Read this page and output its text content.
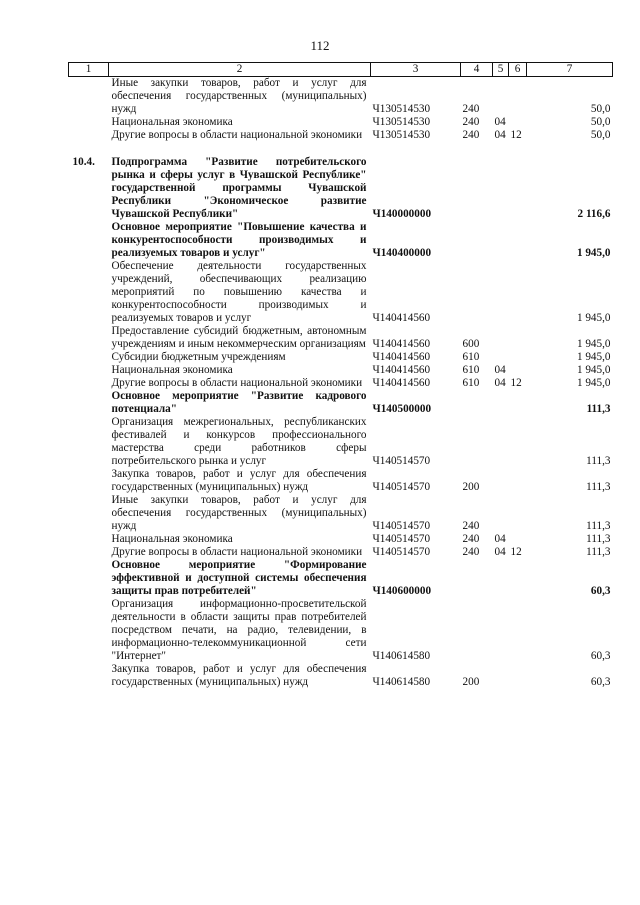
112
1	2	3	4	5	6	7
	Иные закупки товаров, работ и услуг для обеспечения государственных (муниципальных) нужд	Ч130514530	240			50,0
	Национальная экономика	Ч130514530	240	04		50,0
	Другие вопросы в области национальной экономики	Ч130514530	240	04	12	50,0

10.4.	Подпрограмма "Развитие потребительского рынка и сферы услуг в Чувашской Республике" государственной программы Чувашской Республики "Экономическое развитие Чувашской Республики"	Ч140000000				2 116,6
	Основное мероприятие "Повышение качества и конкурентоспособности производимых и реализуемых товаров и услуг"	Ч140400000				1 945,0
	Обеспечение деятельности государственных учреждений, обеспечивающих реализацию мероприятий по повышению качества и конкурентоспособности производимых и реализуемых товаров и услуг	Ч140414560				1 945,0
	Предоставление субсидий бюджетным, автономным учреждениям и иным некоммерческим организациям	Ч140414560	600			1 945,0
	Субсидии бюджетным учреждениям	Ч140414560	610			1 945,0
	Национальная экономика	Ч140414560	610	04		1 945,0
	Другие вопросы в области национальной экономики	Ч140414560	610	04	12	1 945,0
	Основное мероприятие "Развитие кадрового потенциала"	Ч140500000				111,3
	Организация межрегиональных, республиканских фестивалей и конкурсов профессионального мастерства среди работников сферы потребительского рынка и услуг	Ч140514570				111,3
	Закупка товаров, работ и услуг для обеспечения государственных (муниципальных) нужд	Ч140514570	200			111,3
	Иные закупки товаров, работ и услуг для обеспечения государственных (муниципальных) нужд	Ч140514570	240			111,3
	Национальная экономика	Ч140514570	240	04		111,3
	Другие вопросы в области национальной экономики	Ч140514570	240	04	12	111,3
	Основное мероприятие "Формирование эффективной и доступной системы обеспечения защиты прав потребителей"	Ч140600000				60,3
	Организация информационно-просветительской деятельности в области защиты прав потребителей посредством печати, на радио, телевидении, в информационно-телекоммуникационной сети "Интернет"	Ч140614580				60,3
	Закупка товаров, работ и услуг для обеспечения государственных (муниципальных) нужд	Ч140614580	200			60,3
